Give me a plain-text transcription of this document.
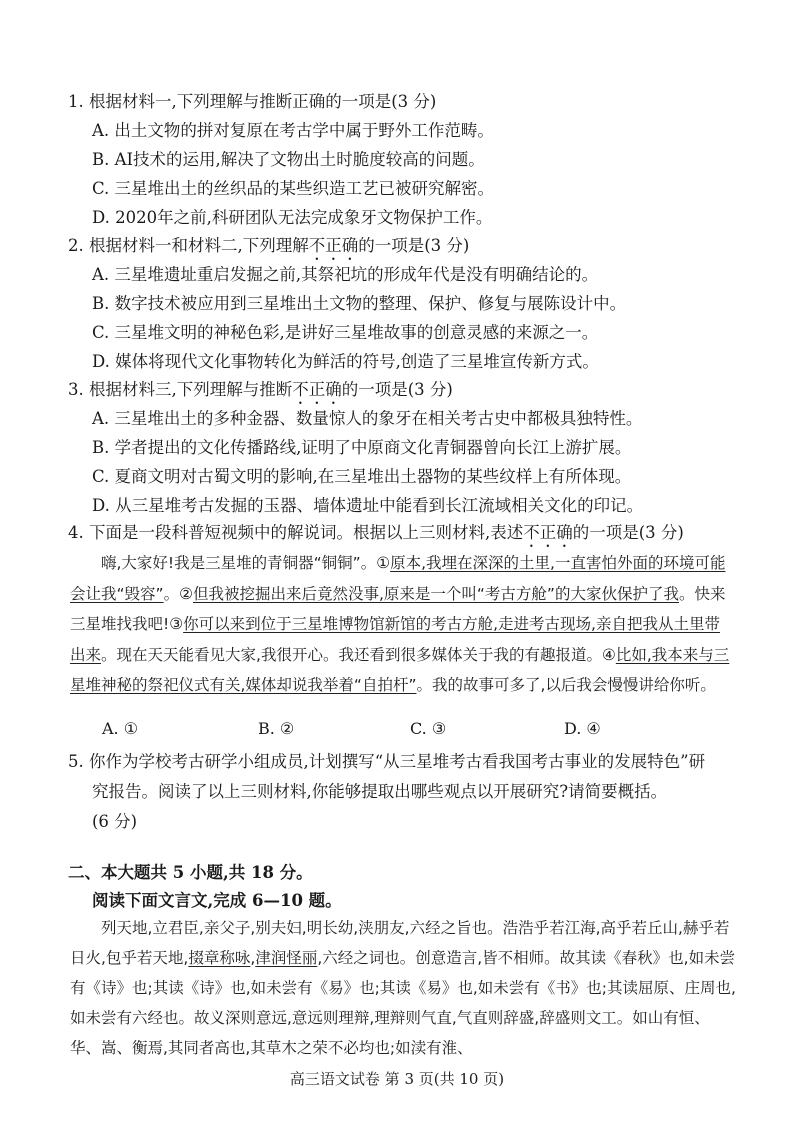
1. 根据材料一,下列理解与推断正确的一项是(3 分)
A. 出土文物的拼对复原在考古学中属于野外工作范畴。
B. AI技术的运用,解决了文物出土时脆度较高的问题。
C. 三星堆出土的丝织品的某些织造工艺已被研究解密。
D. 2020年之前,科研团队无法完成象牙文物保护工作。
2. 根据材料一和材料二,下列理解不正确的一项是(3 分)
A. 三星堆遗址重启发掘之前,其祭祀坑的形成年代是没有明确结论的。
B. 数字技术被应用到三星堆出土文物的整理、保护、修复与展陈设计中。
C. 三星堆文明的神秘色彩,是讲好三星堆故事的创意灵感的来源之一。
D. 媒体将现代文化事物转化为鲜活的符号,创造了三星堆宣传新方式。
3. 根据材料三,下列理解与推断不正确的一项是(3 分)
A. 三星堆出土的多种金器、数量惊人的象牙在相关考古史中都极具独特性。
B. 学者提出的文化传播路线,证明了中原商文化青铜器曾向长江上游扩展。
C. 夏商文明对古蜀文明的影响,在三星堆出土器物的某些纹样上有所体现。
D. 从三星堆考古发掘的玉器、墙体遗址中能看到长江流域相关文化的印记。
4. 下面是一段科普短视频中的解说词。根据以上三则材料,表述不正确的一项是(3 分)
嗨,大家好!我是三星堆的青铜器“铜铜”。①原本,我埋在深深的土里,一直害怕外面的环境可能会让我“毁容”。②但我被挖掘出来后竟然没事,原来是一个叫“考古方舱”的大家伙保护了我。快来三星堆找我吧!③你可以来到位于三星堆博物馆新馆的考古方舱,走进考古现场,亲自把我从土里带出来。现在天天能看见大家,我很开心。我还看到很多媒体关于我的有趣报道。④比如,我本来与三星堆神秘的祭祀仪式有关,媒体却说我举着“自拍杆”。我的故事可多了,以后我会慢慢讲给你听。
A. ①	B. ②	C. ③	D. ④
5. 你作为学校考古研学小组成员,计划撰写“从三星堆考古看我国考古事业的发展特色”研
究报告。阅读了以上三则材料,你能够提取出哪些观点以开展研究?请简要概括。
(6 分)
二、本大题共 5 小题,共 18 分。
阅读下面文言文,完成 6—10 题。
列天地,立君臣,亲父子,别夫妇,明长幼,浃朋友,六经之旨也。浩浩乎若江海,高乎若丘山,赫乎若日火,包乎若天地,掇章称咏,津润怪丽,六经之词也。创意造言,皆不相师。故其读《春秋》也,如未尝有《诗》也;其读《诗》也,如未尝有《易》也;其读《易》也,如未尝有《书》也;其读屈原、庄周也,如未尝有六经也。故义深则意远,意远则理辩,理辩则气直,气直则辞盛,辞盛则文工。如山有恒、华、嵩、衡焉,其同者高也,其草木之荣不必均也;如渎有淮、
高三语文试卷 第 3 页(共 10 页)
